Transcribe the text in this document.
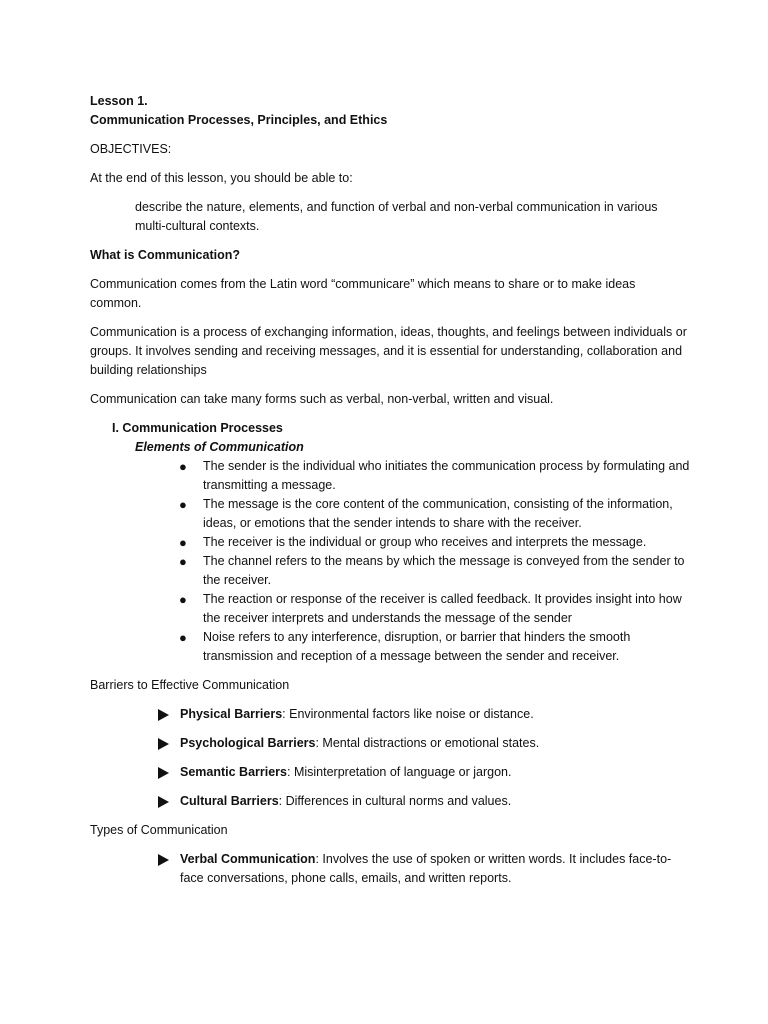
Lesson 1.
Communication Processes, Principles, and Ethics
OBJECTIVES:
At the end of this lesson, you should be able to:
describe the nature, elements, and function of verbal and non-verbal communication in various multi-cultural contexts.
What is Communication?
Communication comes from the Latin word “communicare” which means to share or to make ideas common.
Communication is a process of exchanging information, ideas, thoughts, and feelings between individuals or groups. It involves sending and receiving messages, and it is essential for understanding, collaboration and building relationships
Communication can take many forms such as verbal, non-verbal, written and visual.
I. Communication Processes
Elements of Communication
● The sender is the individual who initiates the communication process by formulating and transmitting a message.
● The message is the core content of the communication, consisting of the information, ideas, or emotions that the sender intends to share with the receiver.
● The receiver is the individual or group who receives and interprets the message.
● The channel refers to the means by which the message is conveyed from the sender to the receiver.
● The reaction or response of the receiver is called feedback. It provides insight into how the receiver interprets and understands the message of the sender
● Noise refers to any interference, disruption, or barrier that hinders the smooth transmission and reception of a message between the sender and receiver.
Barriers to Effective Communication
Physical Barriers: Environmental factors like noise or distance.
Psychological Barriers: Mental distractions or emotional states.
Semantic Barriers: Misinterpretation of language or jargon.
Cultural Barriers: Differences in cultural norms and values.
Types of Communication
Verbal Communication: Involves the use of spoken or written words. It includes face-to-face conversations, phone calls, emails, and written reports.
